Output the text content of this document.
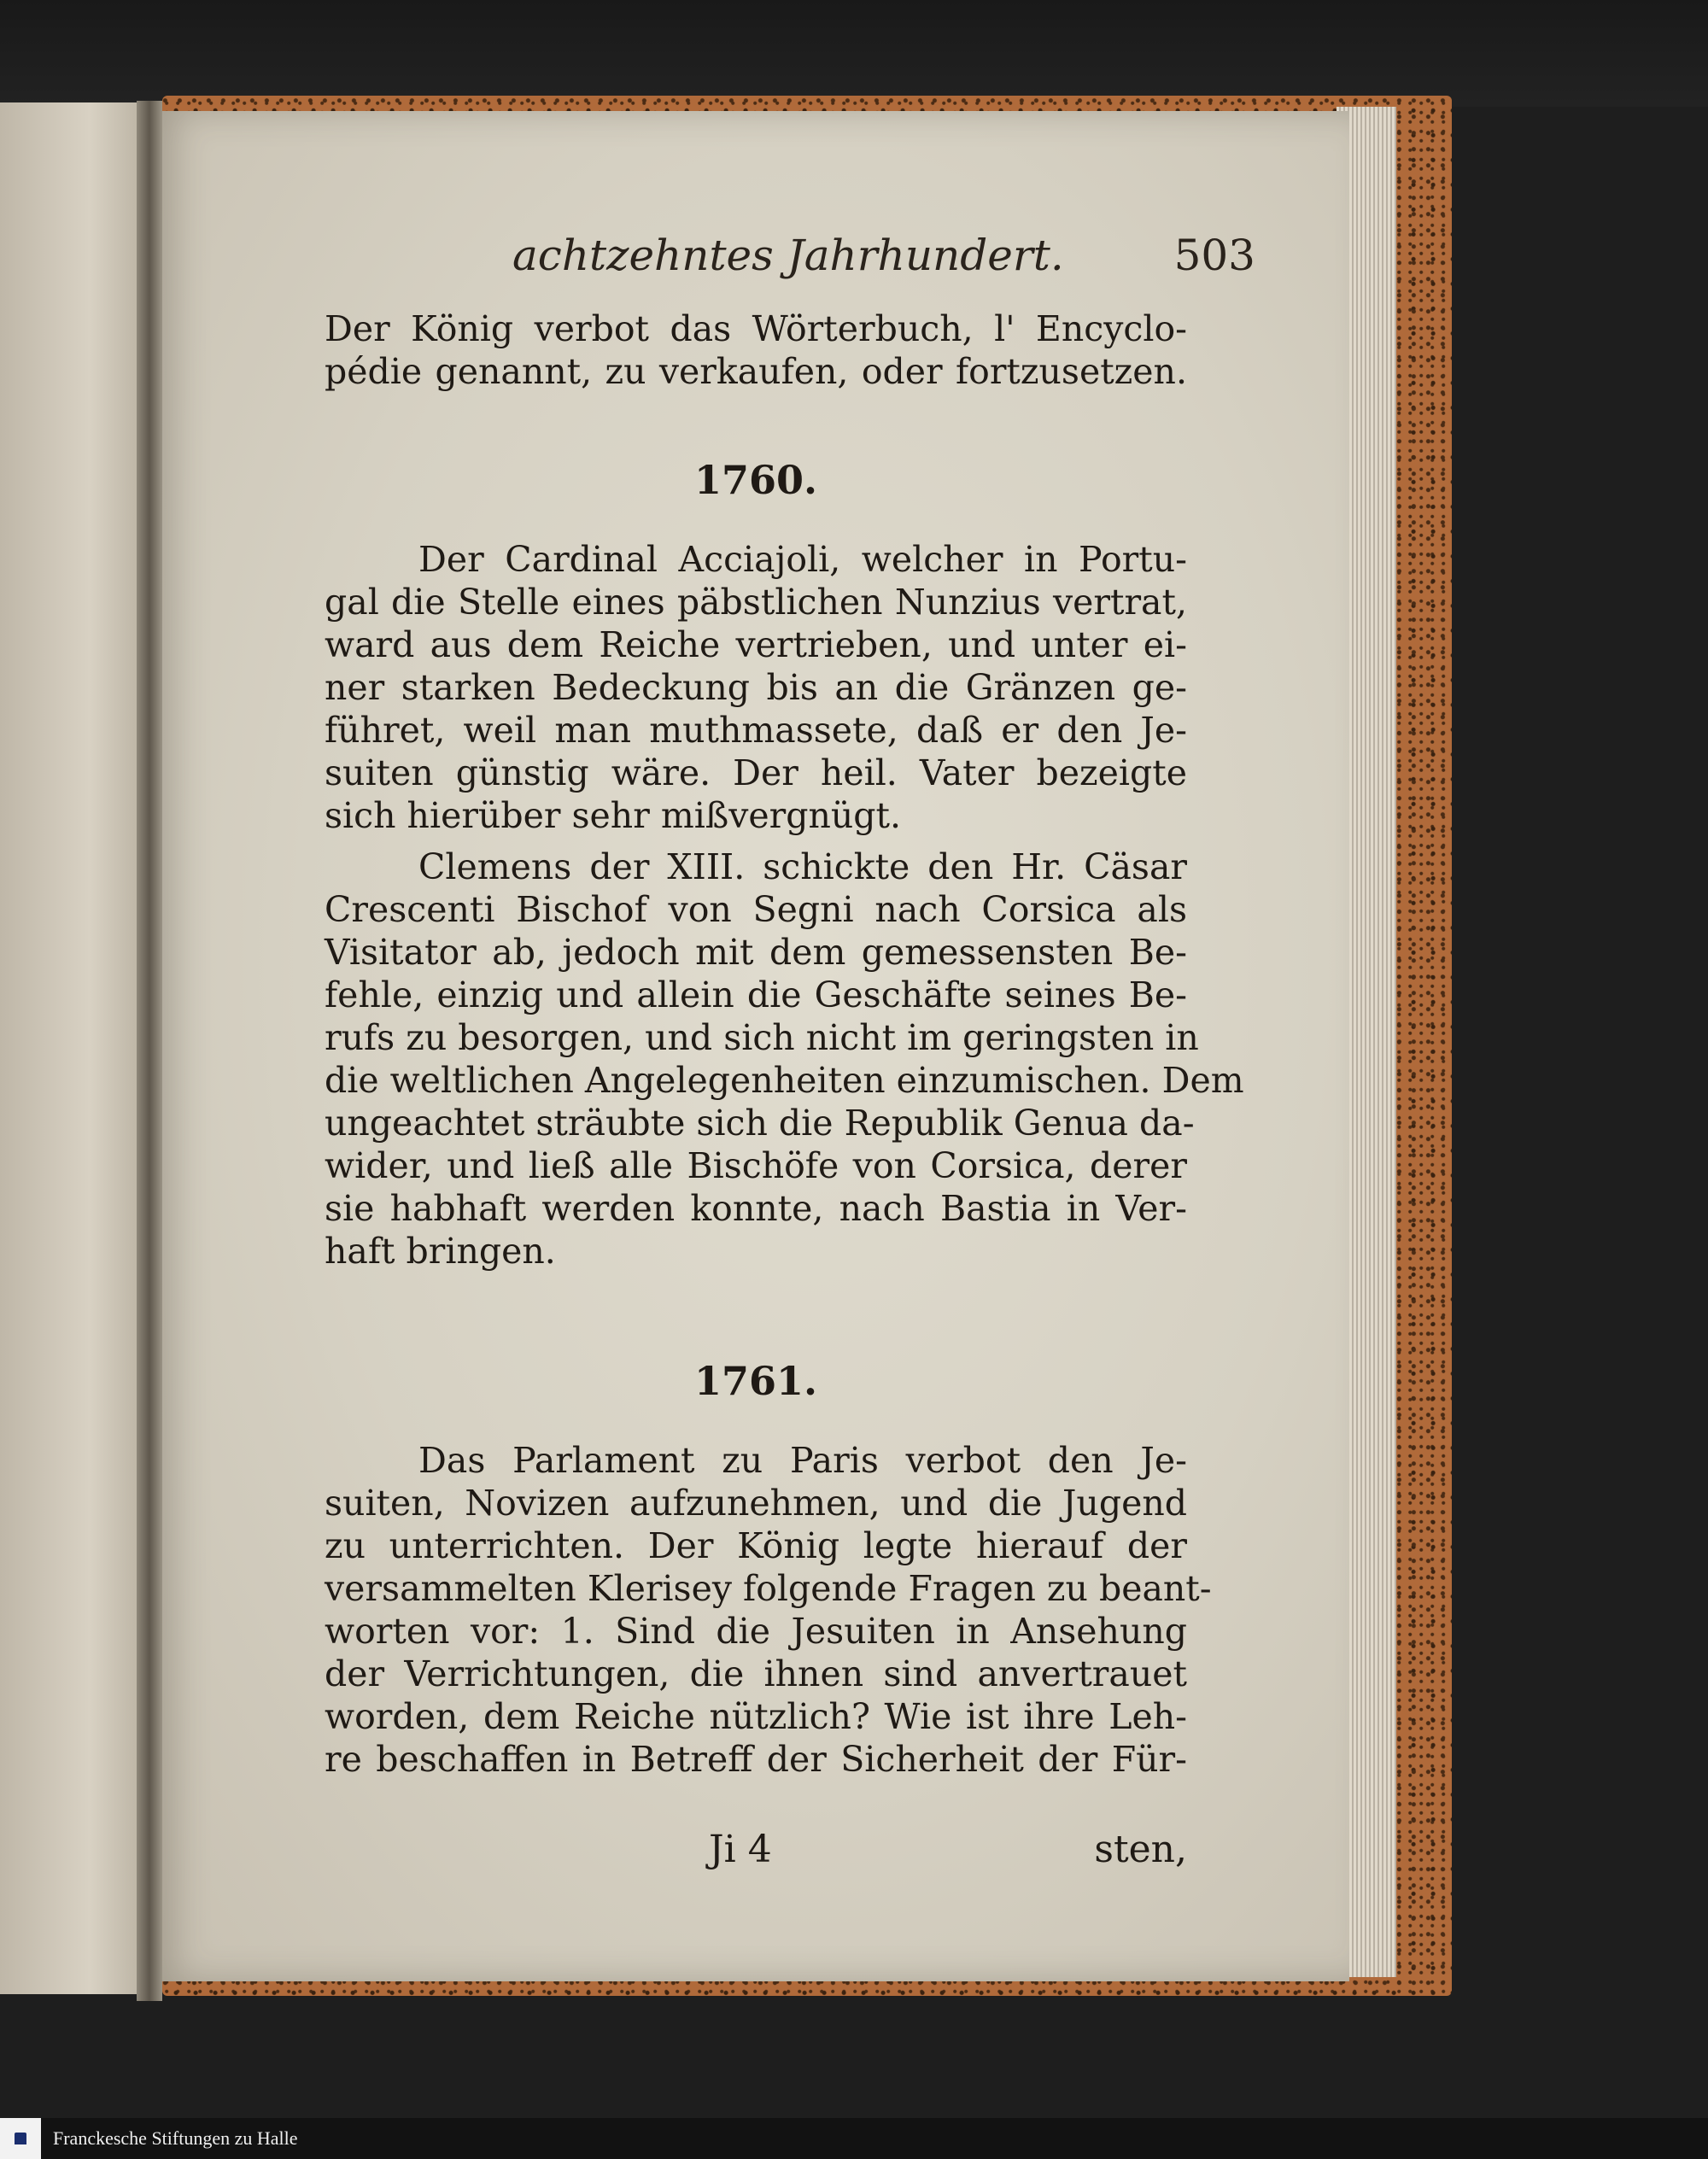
achtzehntes Jahrhundert.	503

Der König verbot das Wörterbuch, l' Encyclo-
pédie genannt, zu verkaufen, oder fortzusetzen.

1760.

Der Cardinal Acciajoli, welcher in Portu-
gal die Stelle eines päbstlichen Nunzius vertrat,
ward aus dem Reiche vertrieben, und unter ei-
ner starken Bedeckung bis an die Gränzen ge-
führet, weil man muthmassete, daß er den Je-
suiten günstig wäre. Der heil. Vater bezeigte
sich hierüber sehr mißvergnügt.

Clemens der XIII. schickte den Hr. Cäsar
Crescenti Bischof von Segni nach Corsica als
Visitator ab, jedoch mit dem gemessensten Be-
fehle, einzig und allein die Geschäfte seines Be-
rufs zu besorgen, und sich nicht im geringsten in
die weltlichen Angelegenheiten einzumischen. Dem
ungeachtet sträubte sich die Republik Genua da-
wider, und ließ alle Bischöfe von Corsica, derer
sie habhaft werden konnte, nach Bastia in Ver-
haft bringen.

1761.

Das Parlament zu Paris verbot den Je-
suiten, Novizen aufzunehmen, und die Jugend
zu unterrichten. Der König legte hierauf der
versammelten Klerisey folgende Fragen zu beant-
worten vor: 1. Sind die Jesuiten in Ansehung
der Verrichtungen, die ihnen sind anvertrauet
worden, dem Reiche nützlich? Wie ist ihre Leh-
re beschaffen in Betreff der Sicherheit der Für-

Ji 4	sten,
Franckesche Stiftungen zu Halle
